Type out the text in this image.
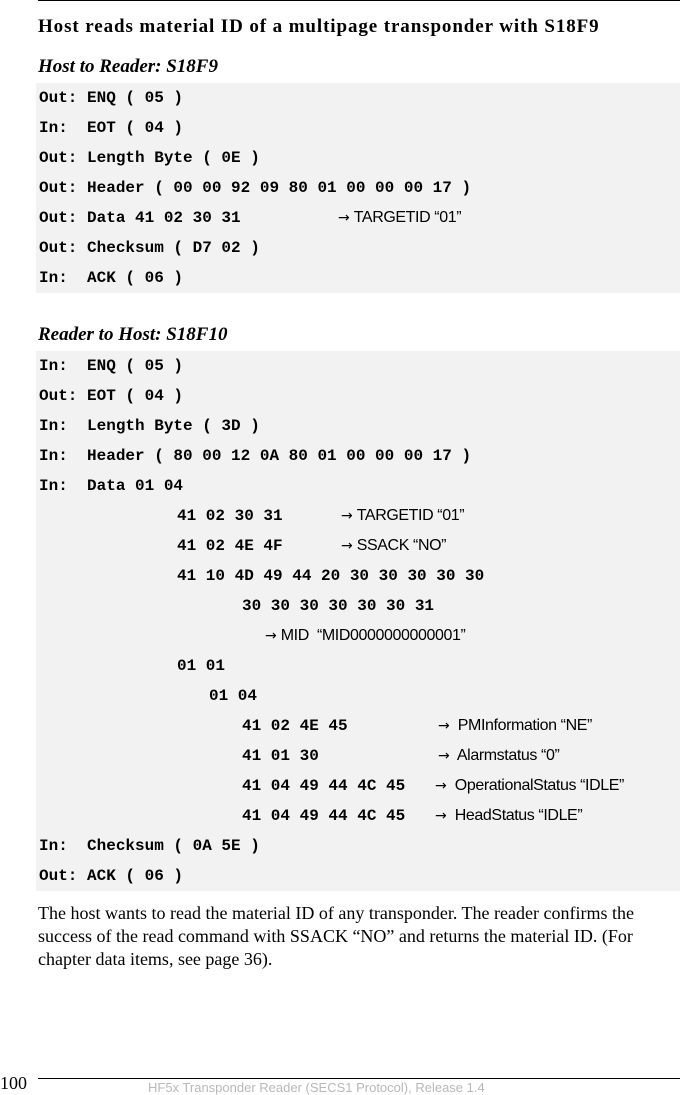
Host reads material ID of a multipage transponder with S18F9
Host to Reader: S18F9
Out: ENQ ( 05 )
In:  EOT ( 04 )
Out: Length Byte ( 0E )
Out: Header ( 00 00 92 09 80 01 00 00 00 17 )
Out: Data 41 02 30 31	→ TARGETID “01”
Out: Checksum ( D7 02 )
In:  ACK ( 06 )
Reader to Host: S18F10
In:  ENQ ( 05 )
Out: EOT ( 04 )
In:  Length Byte ( 3D )
In:  Header ( 80 00 12 0A 80 01 00 00 00 17 )
In:  Data 01 04
41 02 30 31	→ TARGETID “01”
41 02 4E 4F	→ SSACK “NO”
41 10 4D 49 44 20 30 30 30 30 30
30 30 30 30 30 30 31
→ MID  “MID0000000000001”
01 01
01 04
41 02 4E 45	→ PMInformation “NE”
41 01 30	→ Alarmstatus “0”
41 04 49 44 4C 45 → OperationalStatus “IDLE”
41 04 49 44 4C 45 → HeadStatus “IDLE”
In:  Checksum ( 0A 5E )
Out: ACK ( 06 )
The host wants to read the material ID of any transponder. The reader confirms the success of the read command with SSACK “NO” and returns the material ID. (For chapter data items, see page 36).
100	HF5x Transponder Reader (SECS1 Protocol), Release 1.4
